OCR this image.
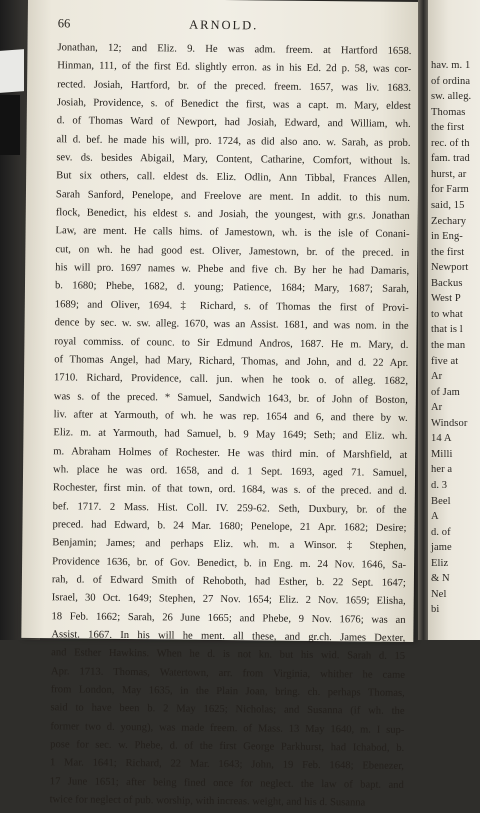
66	ARNOLD.
Jonathan, 12; and Eliz. 9. He was adm. freem. at Hartford 1658.
Hinman, 111, of the first Ed. slightly erron. as in his Ed. 2d p. 58, was cor-
rected. Josiah, Hartford, br. of the preced. freem. 1657, was liv. 1683.
Josiah, Providence, s. of Benedict the first, was a capt. m. Mary, eldest
d. of Thomas Ward of Newport, had Josiah, Edward, and William, wh.
all d. bef. he made his will, pro. 1724, as did also ano. w. Sarah, as prob.
sev. ds. besides Abigail, Mary, Content, Catharine, Comfort, without ls.
But six others, call. eldest ds. Eliz. Odlin, Ann Tibbal, Frances Allen,
Sarah Sanford, Penelope, and Freelove are ment. In addit. to this num.
flock, Benedict, his eldest s. and Josiah, the youngest, with gr.s. Jonathan
Law, are ment. He calls hims. of Jamestown, wh. is the isle of Conani-
cut, on wh. he had good est. Oliver, Jamestown, br. of the preced. in
his will pro. 1697 names w. Phebe and five ch. By her he had Damaris,
b. 1680; Phebe, 1682, d. young; Patience, 1684; Mary, 1687; Sarah,
1689; and Oliver, 1694. ‡ Richard, s. of Thomas the first of Provi-
dence by sec. w. sw. alleg. 1670, was an Assist. 1681, and was nom. in the
royal commiss. of counc. to Sir Edmund Andros, 1687. He m. Mary, d.
of Thomas Angel, had Mary, Richard, Thomas, and John, and d. 22 Apr.
1710. Richard, Providence, call. jun. when he took o. of alleg. 1682,
was s. of the preced. * Samuel, Sandwich 1643, br. of John of Boston,
liv. after at Yarmouth, of wh. he was rep. 1654 and 6, and there by w.
Eliz. m. at Yarmouth, had Samuel, b. 9 May 1649; Seth; and Eliz. wh.
m. Abraham Holmes of Rochester. He was third min. of Marshfield, at
wh. place he was ord. 1658, and d. 1 Sept. 1693, aged 71. Samuel,
Rochester, first min. of that town, ord. 1684, was s. of the preced. and d.
bef. 1717. 2 Mass. Hist. Coll. IV. 259-62. Seth, Duxbury, br. of the
preced. had Edward, b. 24 Mar. 1680; Penelope, 21 Apr. 1682; Desire;
Benjamin; James; and perhaps Eliz. wh. m. a Winsor. ‡ Stephen,
Providence 1636, br. of Gov. Benedict, b. in Eng. m. 24 Nov. 1646, Sa-
rah, d. of Edward Smith of Rehoboth, had Esther, b. 22 Sept. 1647;
Israel, 30 Oct. 1649; Stephen, 27 Nov. 1654; Eliz. 2 Nov. 1659; Elisha,
18 Feb. 1662; Sarah, 26 June 1665; and Phebe, 9 Nov. 1676; was an
Assist. 1667. In his will he ment. all these, and gr.ch. James Dexter,
and Esther Hawkins. When he d. is not kn. but his wid. Sarah d. 15
Apr. 1713. Thomas, Watertown, arr. from Virginia, whither he came
from London, May 1635, in the Plain Joan, bring. ch. perhaps Thomas,
said to have been b. 2 May 1625; Nicholas; and Susanna (if wh. the
former two d. young), was made freem. of Mass. 13 May 1640, m. I sup-
pose for sec. w. Phebe, d. of the first George Parkhurst, had Ichabod, b.
1 Mar. 1641; Richard, 22 Mar. 1643; John, 19 Feb. 1648; Ebenezer,
17 June 1651; after being fined once for neglect. the law of bapt. and
twice for neglect of pub. worship, with increas. weight, and his d. Susanna
hav. m. 1
of ordina
sw. alleg.
Thomas
the first
rec. of th
fam. trad
hurst, ar
for Farm
said, 15
Zechary
in Eng-
the first
Newport
Backus
West P
to what
that is l
the man
five at
Ar
of Jam
Ar
Windsor
14 A
Milli
her a
d. 3
Beel
A
d. of
jame
Eliz
& N
Nel
bi
